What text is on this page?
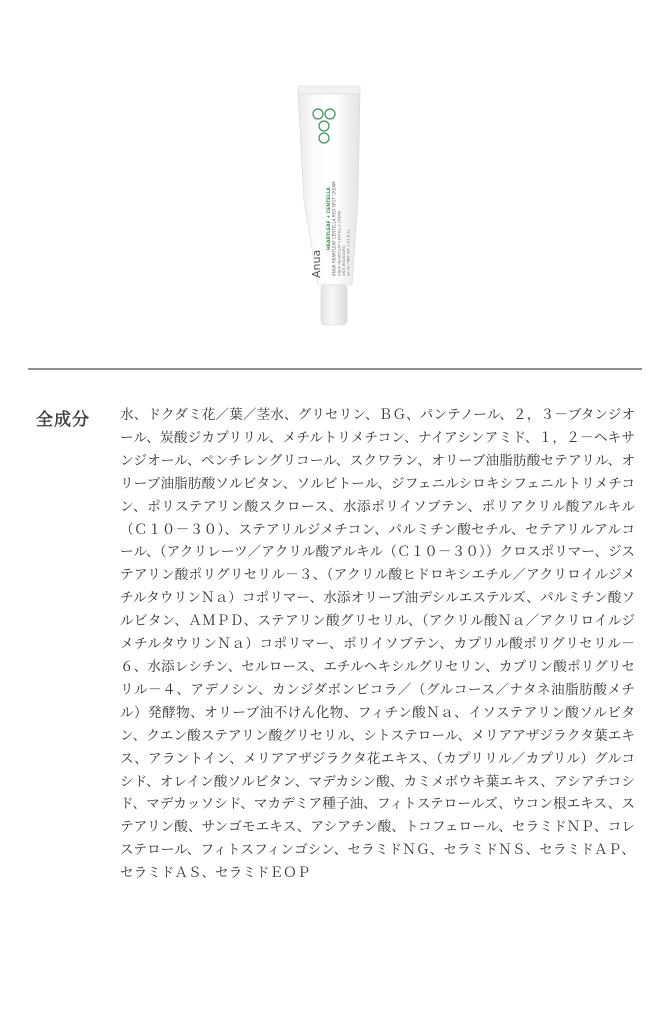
Anua
HEARTLEAF + CENTELLA ANUA HEARTLEAF CENTELLA RED SPOT CREAM ANUA HEARTLEAF CENTELLA CRÈME ANTI-ROUGEURS 30 ml / NET WT. 1.01 fl.oz.
全成分 水、ドクダミ花／葉／茎水、グリセリン、ＢＧ、パンテノール、２，３－ブタンジオール、炭酸ジカプリリル、メチルトリメチコン、ナイアシンアミド、１，２－ヘキサンジオール、ペンチレングリコール、スクワラン、オリーブ油脂肪酸セテアリル、オリーブ油脂肪酸ソルビタン、ソルビトール、ジフェニルシロキシフェニルトリメチコン、ポリステアリン酸スクロース、水添ポリイソブテン、ポリアクリル酸アルキル（Ｃ１０－３０）、ステアリルジメチコン、パルミチン酸セチル、セテアリルアルコール、（アクリレーツ／アクリル酸アルキル（Ｃ１０－３０））クロスポリマー、ジステアリン酸ポリグリセリル－３、（アクリル酸ヒドロキシエチル／アクリロイルジメチルタウリンＮａ）コポリマー、水添オリーブ油デシルエステルズ、パルミチン酸ソルビタン、ＡＭＰＤ、ステアリン酸グリセリル、（アクリル酸Ｎａ／アクリロイルジメチルタウリンＮａ）コポリマー、ポリイソブテン、カプリル酸ポリグリセリル－６、水添レシチン、セルロース、エチルヘキシルグリセリン、カプリン酸ポリグリセリル－４、アデノシン、カンジダボンビコラ／（グルコース／ナタネ油脂肪酸メチル）発酵物、オリーブ油不けん化物、フィチン酸Ｎａ、イソステアリン酸ソルビタン、クエン酸ステアリン酸グリセリル、シトステロール、メリアアザジラクタ葉エキス、アラントイン、メリアアザジラクタ花エキス、（カプリリル／カプリル）グルコシド、オレイン酸ソルビタン、マデカシン酸、カミメボウキ葉エキス、アシアチコシド、マデカッソシド、マカデミア種子油、フィトステロールズ、ウコン根エキス、ステアリン酸、サンゴモエキス、アシアチン酸、トコフェロール、セラミドＮＰ、コレステロール、フィトスフィンゴシン、セラミドＮＧ、セラミドＮＳ、セラミドＡＰ、セラミドＡＳ、セラミドＥＯＰ
